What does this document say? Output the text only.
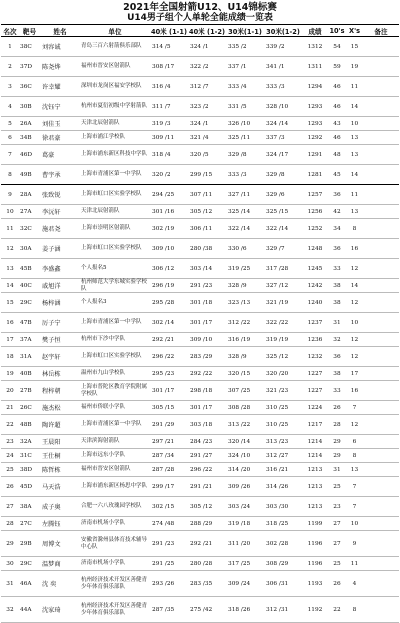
2021年全国射箭U12、U14锦标赛
U14男子组个人单轮全能成绩一览表
名次	靶号	姓名	单位	40米 (1-1)	40米 (1-2)	30米(1-1)	30米(1-2)	成绩	10's	X's	备注
1	38C	刘容诚	青岛三百六射箭俱乐部队	314 /5	324 /1	335 /2	339 /2	1312	54	15	
2	37D	陈尧烨	福州市晋安区射箭队	308 /17	322 /2	337 /1	341 /1	1311	59	19	
3	36C	许幸耀	深圳市龙岗区福安学校队	316 /4	312 /7	333 /4	333 /3	1294	46	11	
4	30B	沈钰宁	杭州市夏衍初级中学射箭队	311 /7	323 /2	331 /5	328 /10	1293	46	14	
5	26A	刘佳玉	天津北辰射箭队	319 /3	324 /1	326 /10	324 /14	1293	43	10	
6	34B	徐君豪	上海市浦江学校队	309 /11	321 /4	325 /11	337 /3	1292	46	13	
7	46D	葛豪	上海市浦东新区科技中学队	318 /4	320 /5	329 /8	324 /17	1291	48	13	
8	49B	曹宇承	上海市青浦区第一中学队	320 /2	299 /15	333 /3	329 /8	1281	45	14	
9	28A	张致锐	上海市虹口区实验学校队	294 /25	307 /11	327 /11	329 /6	1257	36	11	
10	27A	李沅轩	天津北辰射箭队	301 /16	305 /12	325 /14	325 /15	1256	42	13	
11	32C	施君尧	上海市崇明区射箭队	302 /19	306 /11	322 /14	322 /14	1252	34	8	
12	30A	姜子涵	上海市虹口区实验学校队	309 /10	280 /38	330 /6	329 /7	1248	36	16	
13	45B	李盛鑫	个人报名5	306 /12	303 /14	319 /25	317 /28	1245	33	12	
14	40C	戚旭洋	杭州师范大学东城实验学校队	296 /19	291 /23	328 /9	327 /12	1242	38	14	
15	29C	杨梓涵	个人报名3	295 /28	301 /18	323 /13	321 /19	1240	38	12	
16	47B	厉子宁	上海市青浦区第一中学队	302 /14	301 /17	312 /22	322 /22	1237	31	10	
17	37A	樊子恒	杭州市下沙中学队	292 /21	309 /10	316 /19	319 /19	1236	32	12	
18	31A	赵宇轩	上海市虹口区实验学校队	296 /22	283 /29	328 /9	325 /12	1232	36	12	
19	40B	林岳栋	温州市九山学校队	295 /23	292 /22	320 /15	320 /20	1227	38	17	
20	27B	程梓朝	上海市普陀区教育学院附属学校队	301 /17	298 /18	307 /25	321 /23	1227	33	16	
21	26C	施杰松	福州市侨联小学队	305 /15	301 /17	308 /28	310 /25	1224	26	7	
22	48B	陶许超	上海市青浦区第一中学队	291 /29	303 /18	313 /22	310 /25	1217	28	12	
23	32A	王晨阳	天津滨海射箭队	297 /21	284 /23	320 /14	313 /23	1214	29	6	
24	31C	王仕桐	上海市远东小学队	287 /34	291 /27	324 /10	312 /27	1214	29	8	
25	38D	陈哲栋	福州市晋安区射箭队	287 /28	296 /22	314 /20	316 /21	1213	31	13	
26	45D	马天浩	上海市浦东新区杨思中学队	299 /17	291 /21	309 /26	314 /26	1213	25	7	
27	38A	成子奥	合肥一六八玫瑰园学校队	302 /15	305 /12	303 /24	303 /30	1213	23	7	
28	27C	左腾钰	济南市机场小学队	274 /48	288 /29	319 /18	318 /25	1199	27	10	
29	29B	周博文	安徽省滁州县体育技术辅导中心队	291 /23	292 /21	311 /20	302 /28	1196	27	9	
30	29C	温梦商	济南市机场小学队	291 /25	280 /28	317 /25	308 /29	1196	25	11	
31	46A	沈 奕	杭州经济技术开发区善健青少年体育俱乐部队	293 /26	283 /35	309 /24	306 /31	1193	26	4	
32	44A	沈家琦	杭州经济技术开发区善健青少年体育俱乐部队	287 /35	275 /42	318 /26	312 /31	1192	22	8	
